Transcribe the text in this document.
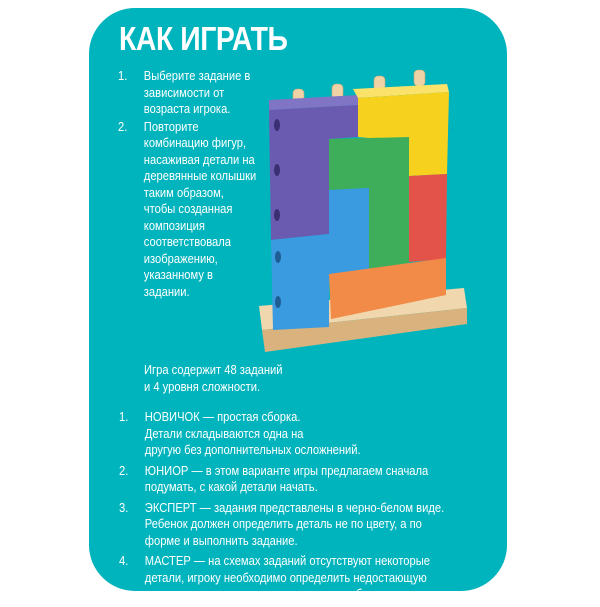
КАК ИГРАТЬ
1. Выберите задание в
зависимости от
возраста игрока.
2. Повторите
комбинацию фигур,
насаживая детали на
деревянные колышки
таким образом,
чтобы созданная
композиция
соответствовала
изображению,
указанному в
задании.
Игра содержит 48 заданий
и 4 уровня сложности.
1. НОВИЧОК — простая сборка.
Детали складываются одна на
другую без дополнительных осложнений.
2. ЮНИОР — в этом варианте игры предлагаем сначала
подумать, с какой детали начать.
3. ЭКСПЕРТ — задания представлены в черно-белом виде.
Ребенок должен определить деталь не по цвету, а по
форме и выполнить задание.
4. МАСТЕР — на схемах заданий отсутствуют некоторые
детали, игроку необходимо определить недостающую
деталь и правильно установить ее в комбинации.
